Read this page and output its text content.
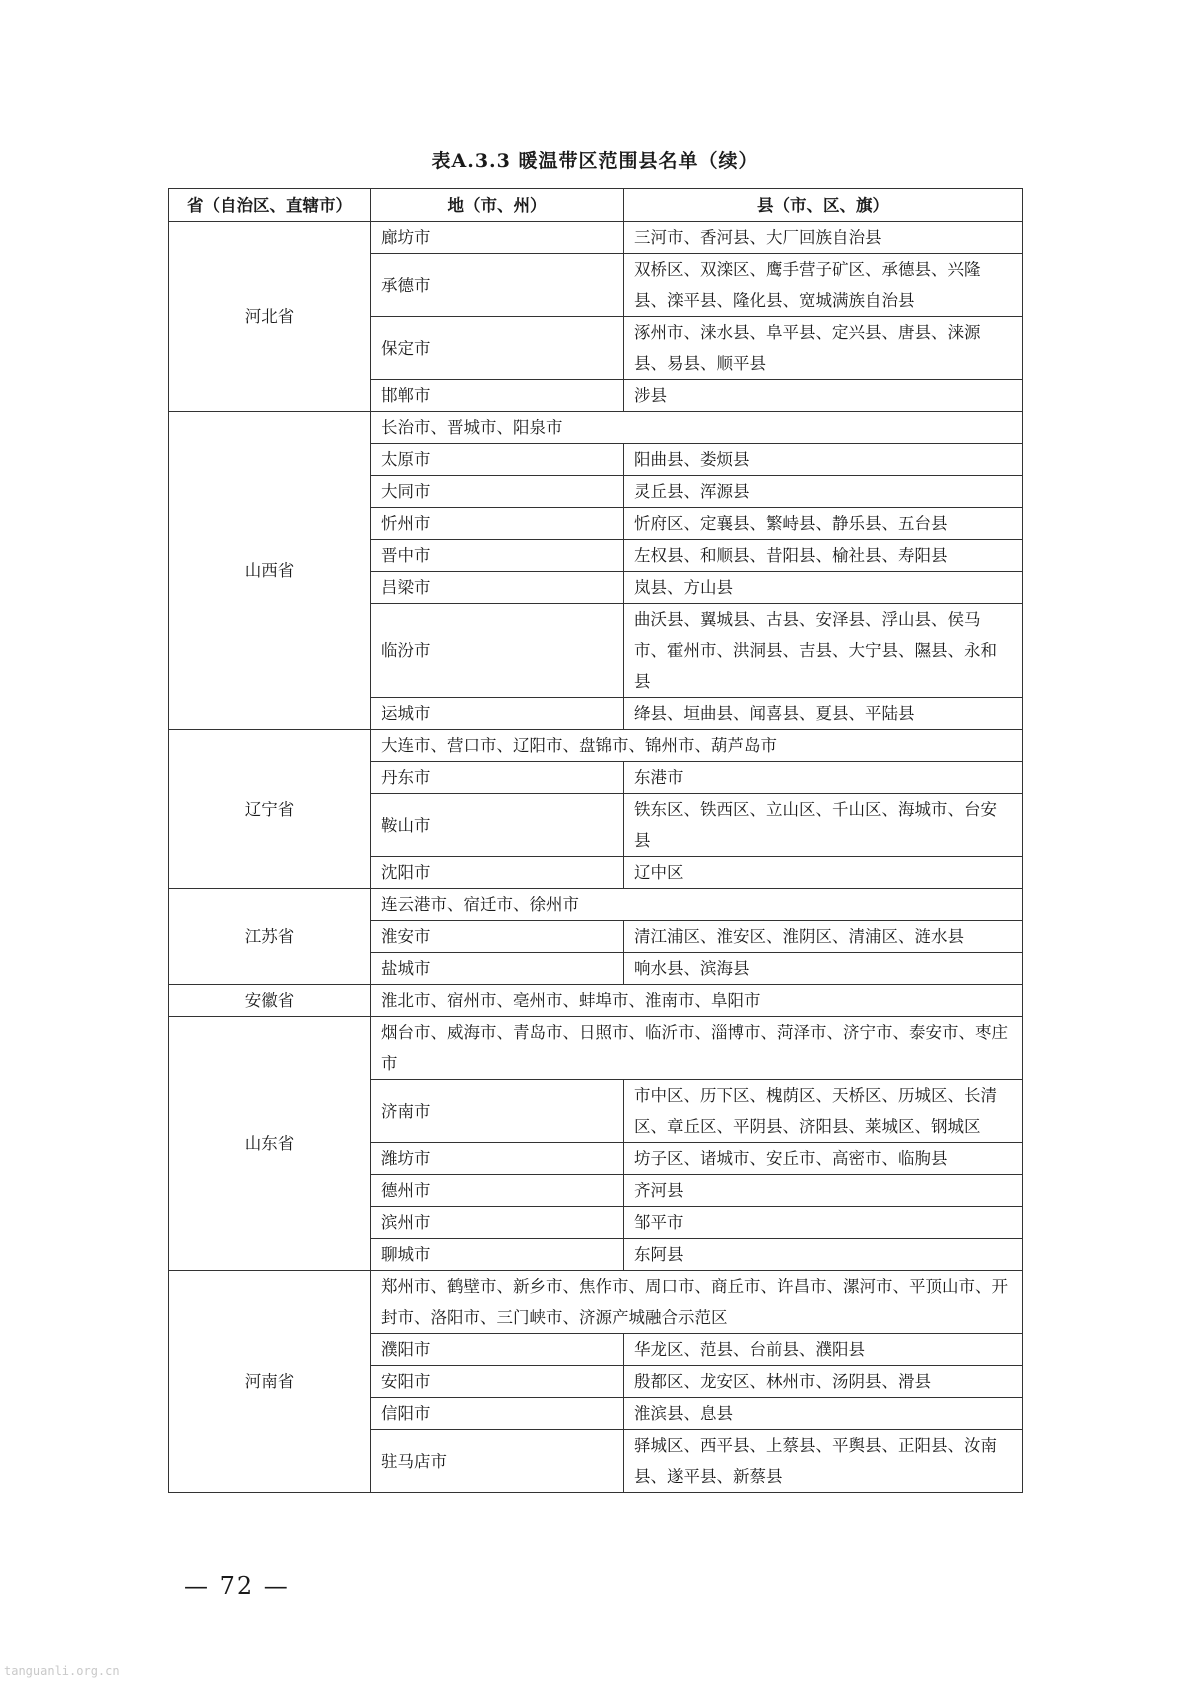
表A.3.3 暖温带区范围县名单（续）
省（自治区、直辖市）	地（市、州）	县（市、区、旗）
河北省	廊坊市	三河市、香河县、大厂回族自治县
	承德市	双桥区、双滦区、鹰手营子矿区、承德县、兴隆县、滦平县、隆化县、宽城满族自治县
	保定市	涿州市、涞水县、阜平县、定兴县、唐县、涞源县、易县、顺平县
	邯郸市	涉县
山西省	长治市、晋城市、阳泉市	
	太原市	阳曲县、娄烦县
	大同市	灵丘县、浑源县
	忻州市	忻府区、定襄县、繁峙县、静乐县、五台县
	晋中市	左权县、和顺县、昔阳县、榆社县、寿阳县
	吕梁市	岚县、方山县
	临汾市	曲沃县、翼城县、古县、安泽县、浮山县、侯马市、霍州市、洪洞县、吉县、大宁县、隰县、永和县
	运城市	绛县、垣曲县、闻喜县、夏县、平陆县
辽宁省	大连市、营口市、辽阳市、盘锦市、锦州市、葫芦岛市	
	丹东市	东港市
	鞍山市	铁东区、铁西区、立山区、千山区、海城市、台安县
	沈阳市	辽中区
江苏省	连云港市、宿迁市、徐州市	
	淮安市	清江浦区、淮安区、淮阴区、清浦区、涟水县
	盐城市	响水县、滨海县
安徽省	淮北市、宿州市、亳州市、蚌埠市、淮南市、阜阳市	
山东省	烟台市、威海市、青岛市、日照市、临沂市、淄博市、菏泽市、济宁市、泰安市、枣庄市	
	济南市	市中区、历下区、槐荫区、天桥区、历城区、长清区、章丘区、平阴县、济阳县、莱城区、钢城区
	潍坊市	坊子区、诸城市、安丘市、高密市、临朐县
	德州市	齐河县
	滨州市	邹平市
	聊城市	东阿县
河南省	郑州市、鹤壁市、新乡市、焦作市、周口市、商丘市、许昌市、漯河市、平顶山市、开封市、洛阳市、三门峡市、济源产城融合示范区	
	濮阳市	华龙区、范县、台前县、濮阳县
	安阳市	殷都区、龙安区、林州市、汤阴县、滑县
	信阳市	淮滨县、息县
	驻马店市	驿城区、西平县、上蔡县、平舆县、正阳县、汝南县、遂平县、新蔡县
— 72 —
tanguanli.org.cn
